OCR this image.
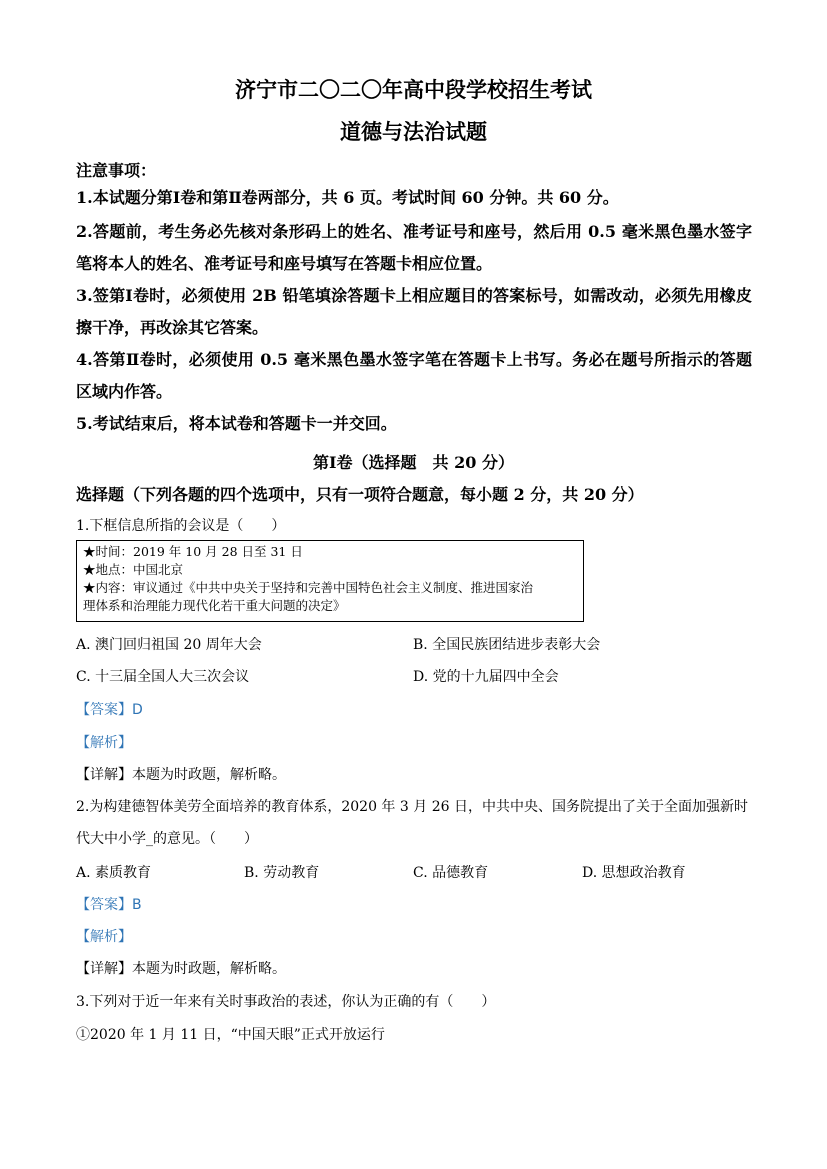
济宁市二〇二〇年高中段学校招生考试
道德与法治试题
注意事项：
1.本试题分第Ⅰ卷和第Ⅱ卷两部分，共 6 页。考试时间 60 分钟。共 60 分。
2.答题前，考生务必先核对条形码上的姓名、准考证号和座号，然后用 0.5 毫米黑色墨水签字笔将本人的姓名、准考证号和座号填写在答题卡相应位置。
3.签第Ⅰ卷时，必须使用 2B 铅笔填涂答题卡上相应题目的答案标号，如需改动，必须先用橡皮擦干净，再改涂其它答案。
4.答第Ⅱ卷时，必须使用 0.5 毫米黑色墨水签字笔在答题卡上书写。务必在题号所指示的答题区域内作答。
5.考试结束后，将本试卷和答题卡一并交回。
第Ⅰ卷（选择题　共 20 分）
选择题（下列各题的四个选项中，只有一项符合题意，每小题 2 分，共 20 分）
1.下框信息所指的会议是（　　）
★时间：2019 年 10 月 28 日至 31 日
★地点：中国北京
★内容：审议通过《中共中央关于坚持和完善中国特色社会主义制度、推进国家治
理体系和治理能力现代化若干重大问题的决定》
A. 澳门回归祖国 20 周年大会	B. 全国民族团结进步表彰大会
C. 十三届全国人大三次会议	D. 党的十九届四中全会
【答案】D
【解析】
【详解】本题为时政题，解析略。
2.为构建德智体美劳全面培养的教育体系，2020 年 3 月 26 日，中共中央、国务院提出了关于全面加强新时
代大中小学_的意见。（　　）
A. 素质教育	B. 劳动教育	C. 品德教育	D. 思想政治教育
【答案】B
【解析】
【详解】本题为时政题，解析略。
3.下列对于近一年来有关时事政治的表述，你认为正确的有（　　）
①2020 年 1 月 11 日，“中国天眼”正式开放运行
